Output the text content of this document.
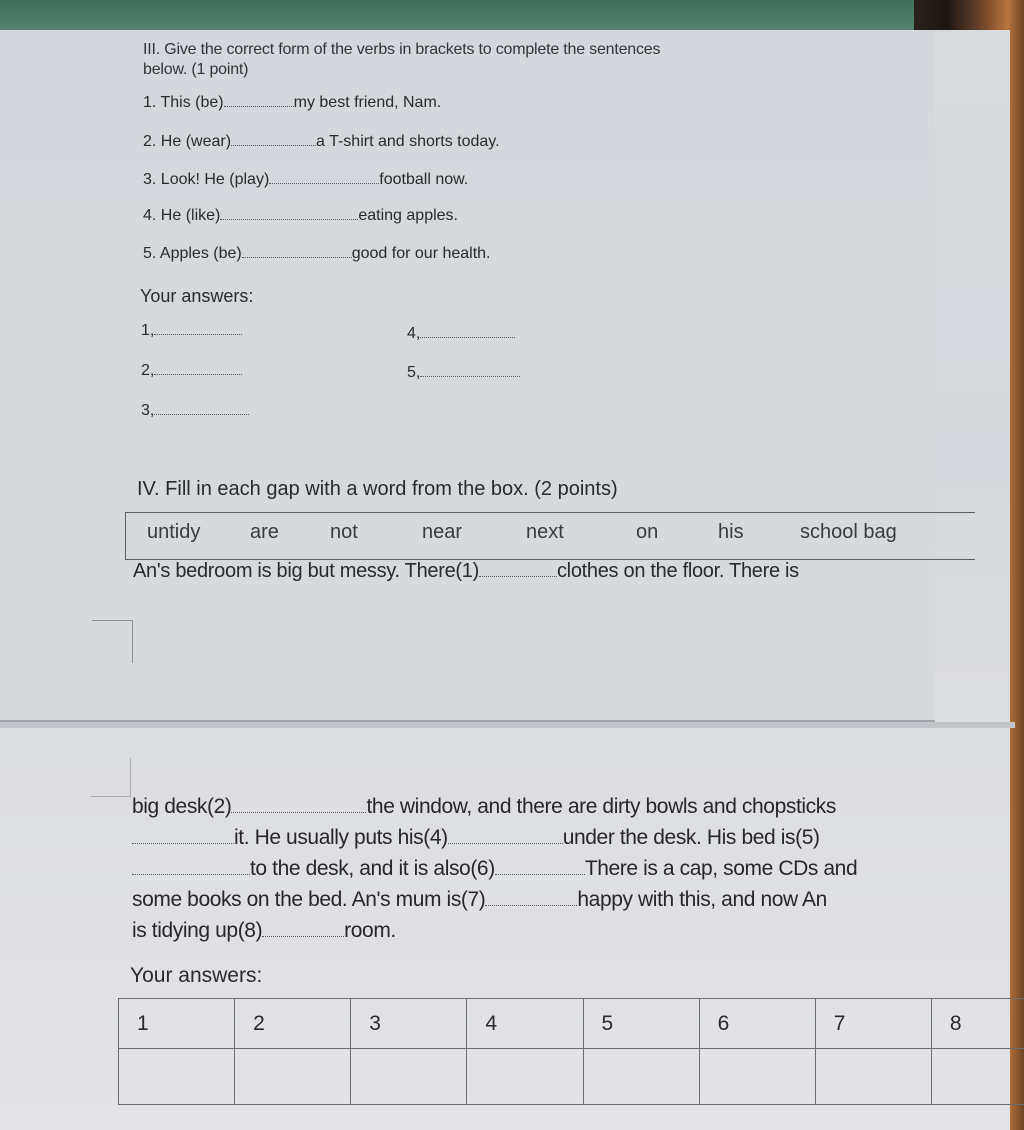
III. Give the correct form of the verbs in brackets to complete the sentences
below. (1 point)
1. This (be)	my best friend, Nam.
2. He (wear)	a T-shirt and shorts today.
3. Look! He (play)	football now.
4. He (like)	eating apples.
5. Apples (be)	good for our health.
Your answers:
1,
2,
3,
4,
5,
IV. Fill in each gap with a word from the box. (2 points)
untidy are	not	near	next	on	his	school bag
An's bedroom is big but messy. There(1)	clothes on the floor. There is
big desk(2)	the window, and there are dirty bowls and chopsticks
it. He usually puts his(4)	under the desk. His bed is(5)
to the desk, and it is also(6)	There is a cap, some CDs and
some books on the bed. An's mum is(7)	happy with this, and now An
is tidying up(8)	room.
Your answers:
1	2	3	4	5	6	7	8
